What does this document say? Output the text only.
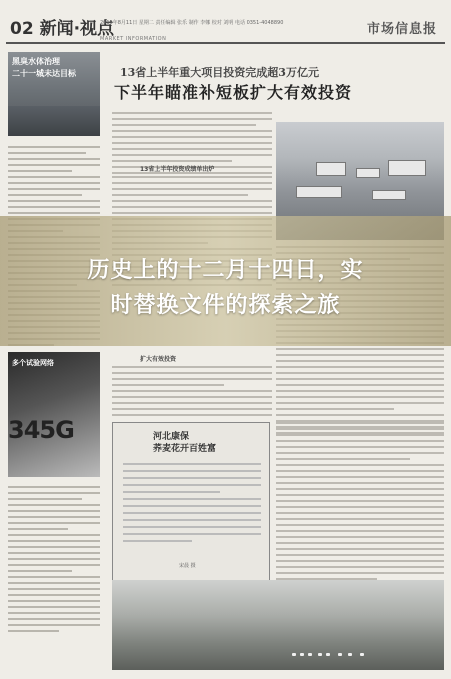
02 新闻·视点
2015年8月11日 星期二 责任编辑 张乐 制作 李娜 校对 刘明 电话 0351-4048890
MARKET INFORMATION
市场信息报
黑臭水体治理
二十一城未达目标
多个试验网络
345G
13省上半年重大项目投资完成超3万亿元
下半年瞄准补短板扩大有效投资
13省上半年投资成绩单出炉
扩大有效投资
河北康保
荞麦花开百姓富
宋晨 摄
历史上的十二月十四日，实
时替换文件的探索之旅
